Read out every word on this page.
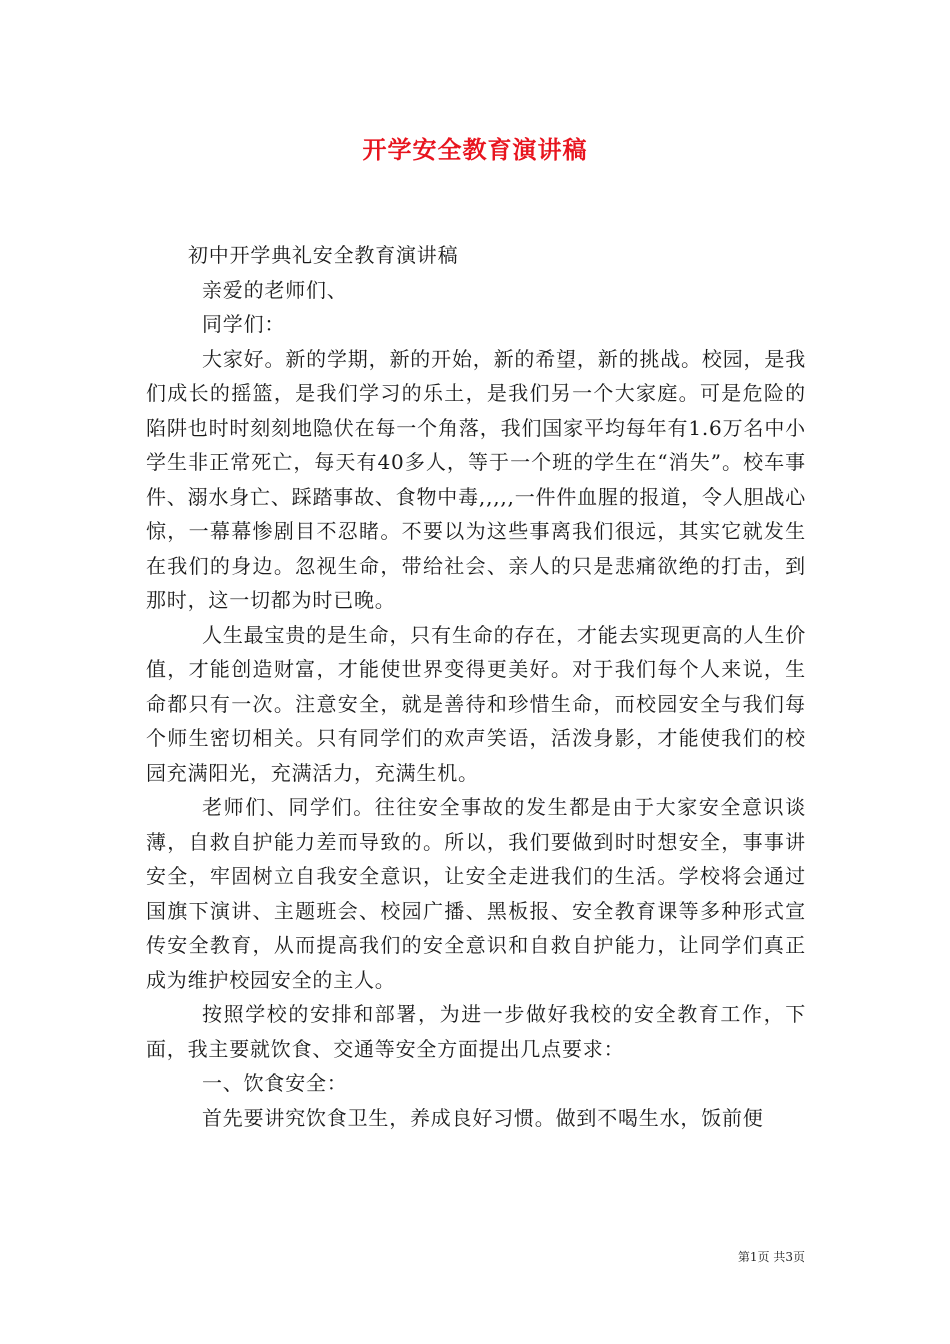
开学安全教育演讲稿

初中开学典礼安全教育演讲稿

亲爱的老师们、

同学们：

大家好。新的学期，新的开始，新的希望，新的挑战。校园，是我们成长的摇篮，是我们学习的乐土，是我们另一个大家庭。可是危险的陷阱也时时刻刻地隐伏在每一个角落，我们国家平均每年有1.6万名中小学生非正常死亡，每天有40多人，等于一个班的学生在“消失”。校车事件、溺水身亡、踩踏事故、食物中毒,,,,,一件件血腥的报道，令人胆战心惊，一幕幕惨剧目不忍睹。不要以为这些事离我们很远，其实它就发生在我们的身边。忽视生命，带给社会、亲人的只是悲痛欲绝的打击，到那时，这一切都为时已晚。

人生最宝贵的是生命，只有生命的存在，才能去实现更高的人生价值，才能创造财富，才能使世界变得更美好。对于我们每个人来说，生命都只有一次。注意安全，就是善待和珍惜生命，而校园安全与我们每个师生密切相关。只有同学们的欢声笑语，活泼身影，才能使我们的校园充满阳光，充满活力，充满生机。

老师们、同学们。往往安全事故的发生都是由于大家安全意识谈薄，自救自护能力差而导致的。所以，我们要做到时时想安全，事事讲安全，牢固树立自我安全意识，让安全走进我们的生活。学校将会通过国旗下演讲、主题班会、校园广播、黑板报、安全教育课等多种形式宣传安全教育，从而提高我们的安全意识和自救自护能力，让同学们真正成为维护校园安全的主人。

按照学校的安排和部署，为进一步做好我校的安全教育工作，下面，我主要就饮食、交通等安全方面提出几点要求：

一、饮食安全：

首先要讲究饮食卫生，养成良好习惯。做到不喝生水，饭前便

第1页 共3页
